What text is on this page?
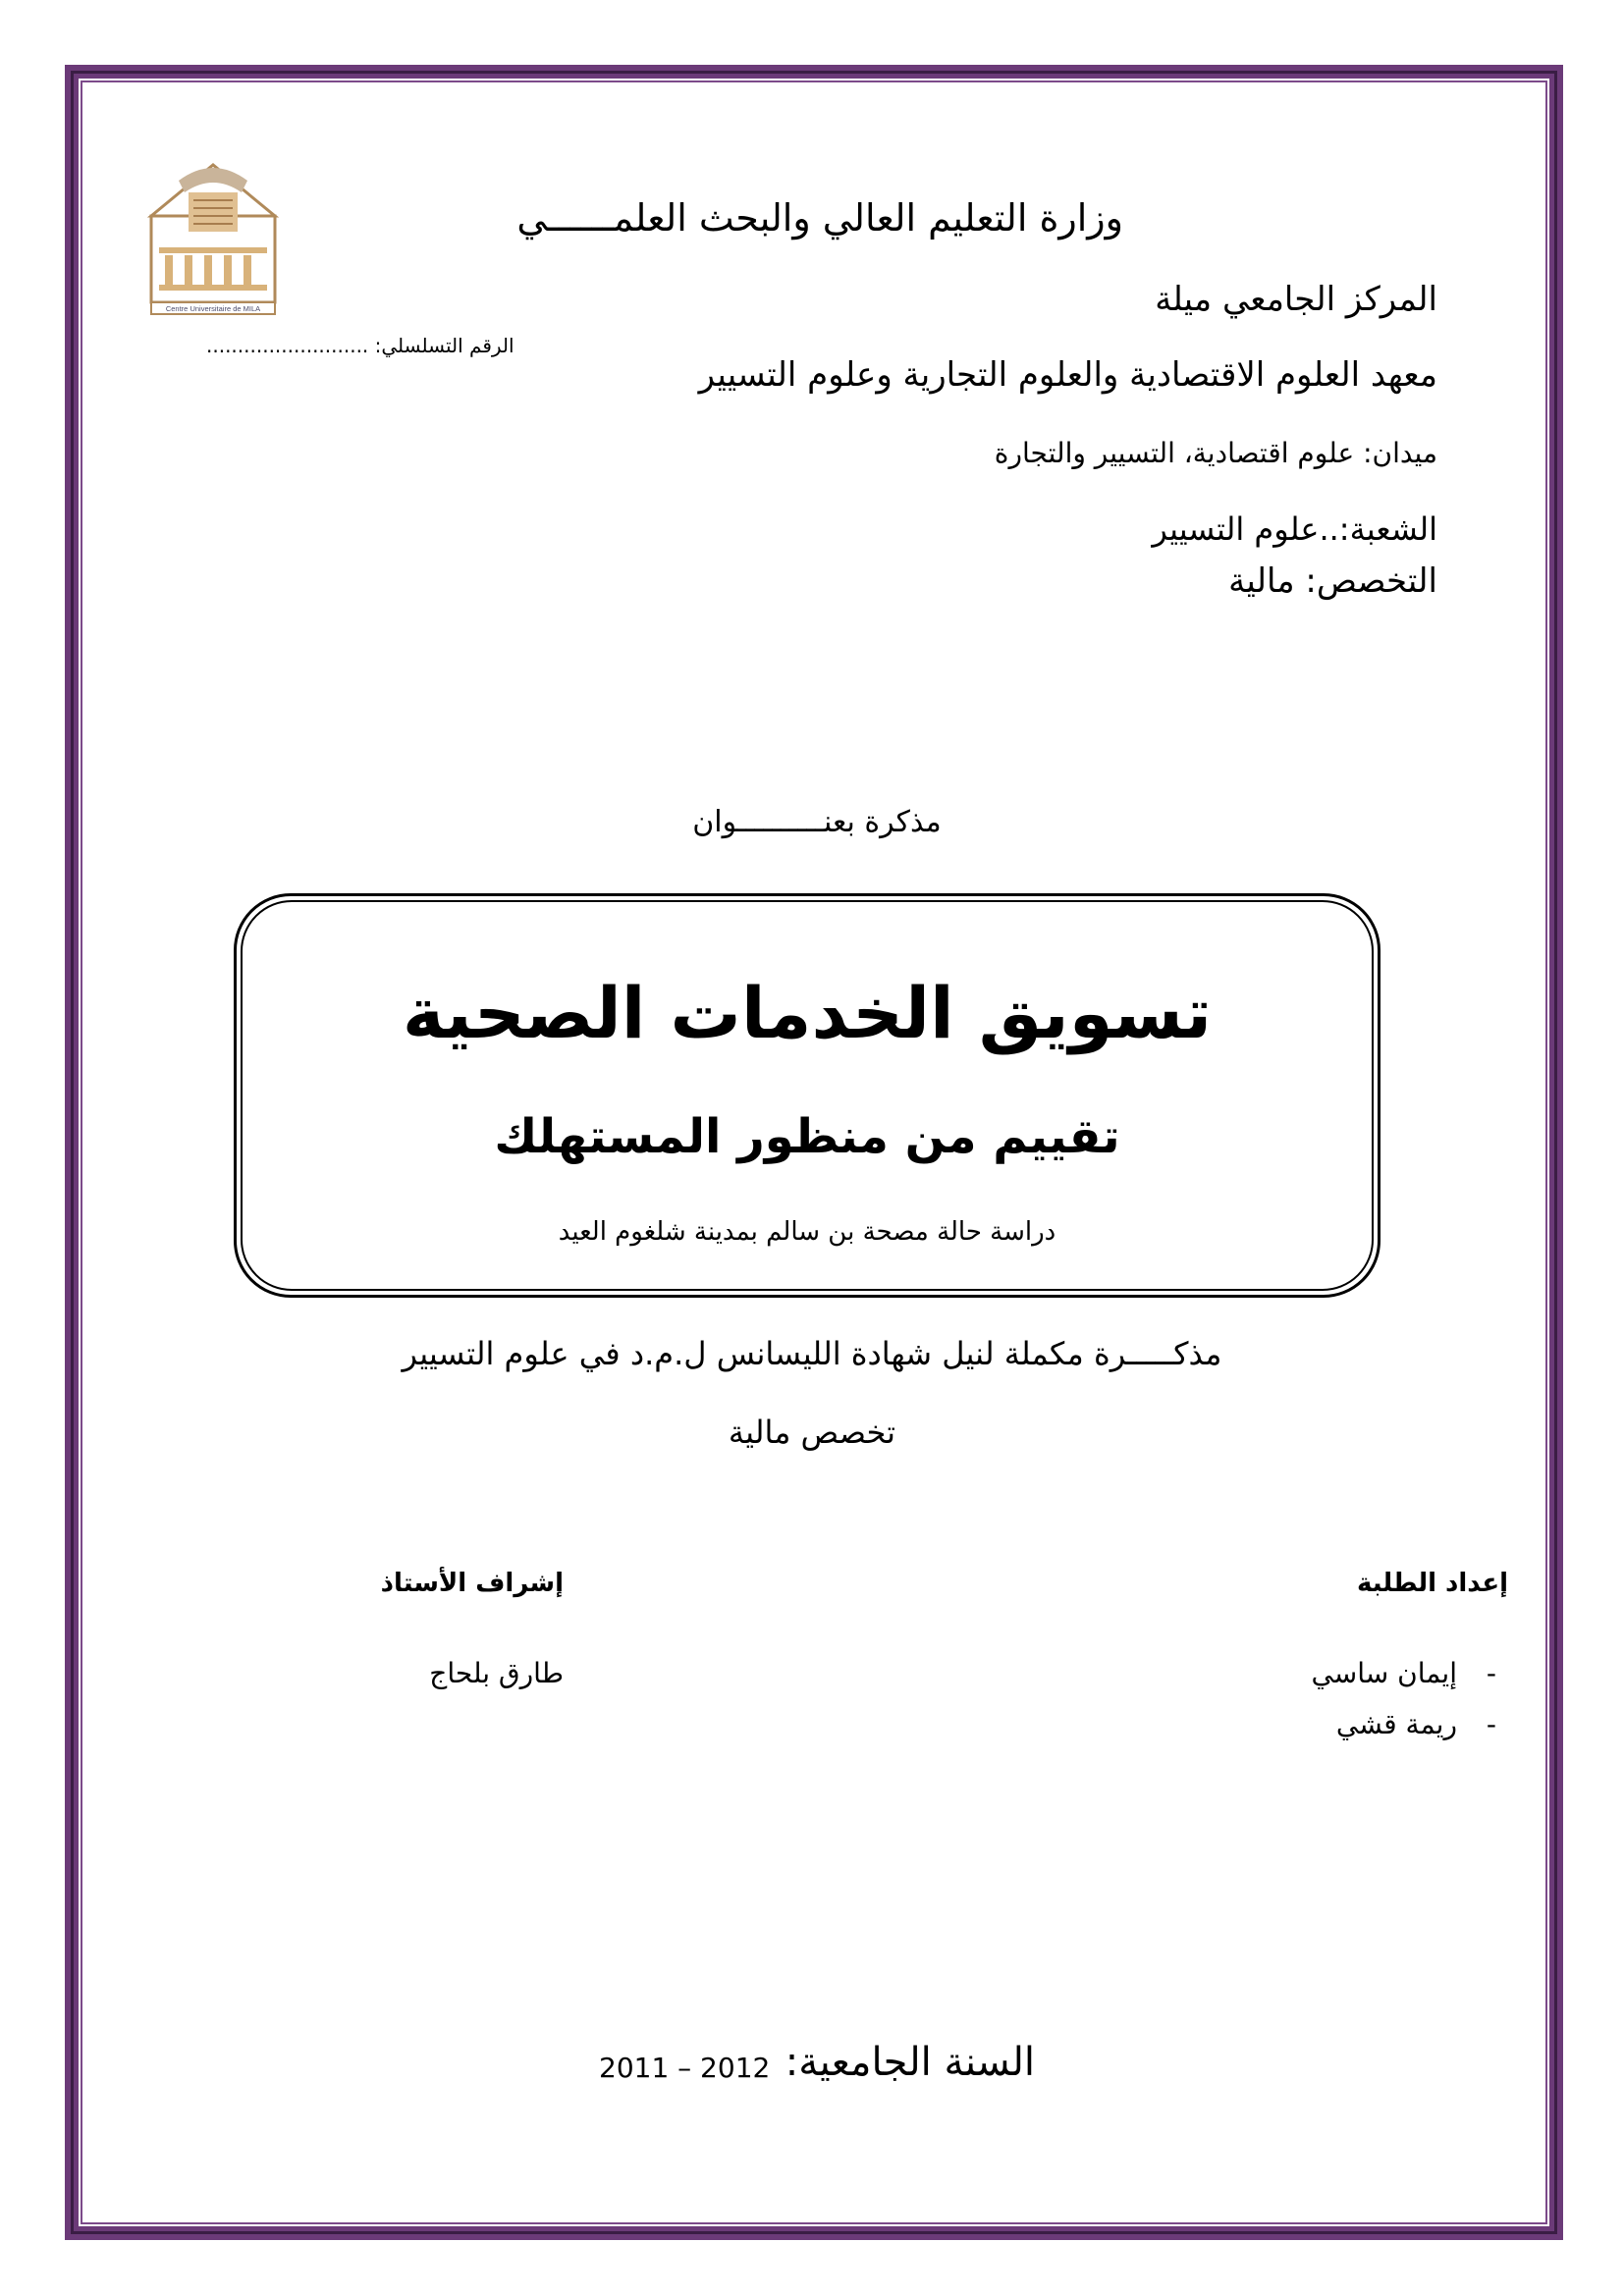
Centre Universitaire de MILA
وزارة التعليم العالي والبحث العلمــــــي
المركز الجامعي ميلة
الرقم التسلسلي: ..........................
معهد العلوم الاقتصادية والعلوم التجارية وعلوم التسيير
ميدان: علوم اقتصادية، التسيير والتجارة
الشعبة:..علوم التسيير
التخصص: مالية
مذكرة بعنــــــــــوان
تسويق الخدمات الصحية
تقييم من منظور المستهلك
دراسة حالة مصحة بن سالم بمدينة شلغوم العيد
مذكـــــرة مكملة لنيل شهادة الليسانس ل.م.د في علوم التسيير
تخصص مالية
إعداد الطلبة
إشراف الأستاذ
-
إيمان ساسي
-
ريمة قشي
طارق بلحاج
السنة الجامعية:
2011 – 2012
